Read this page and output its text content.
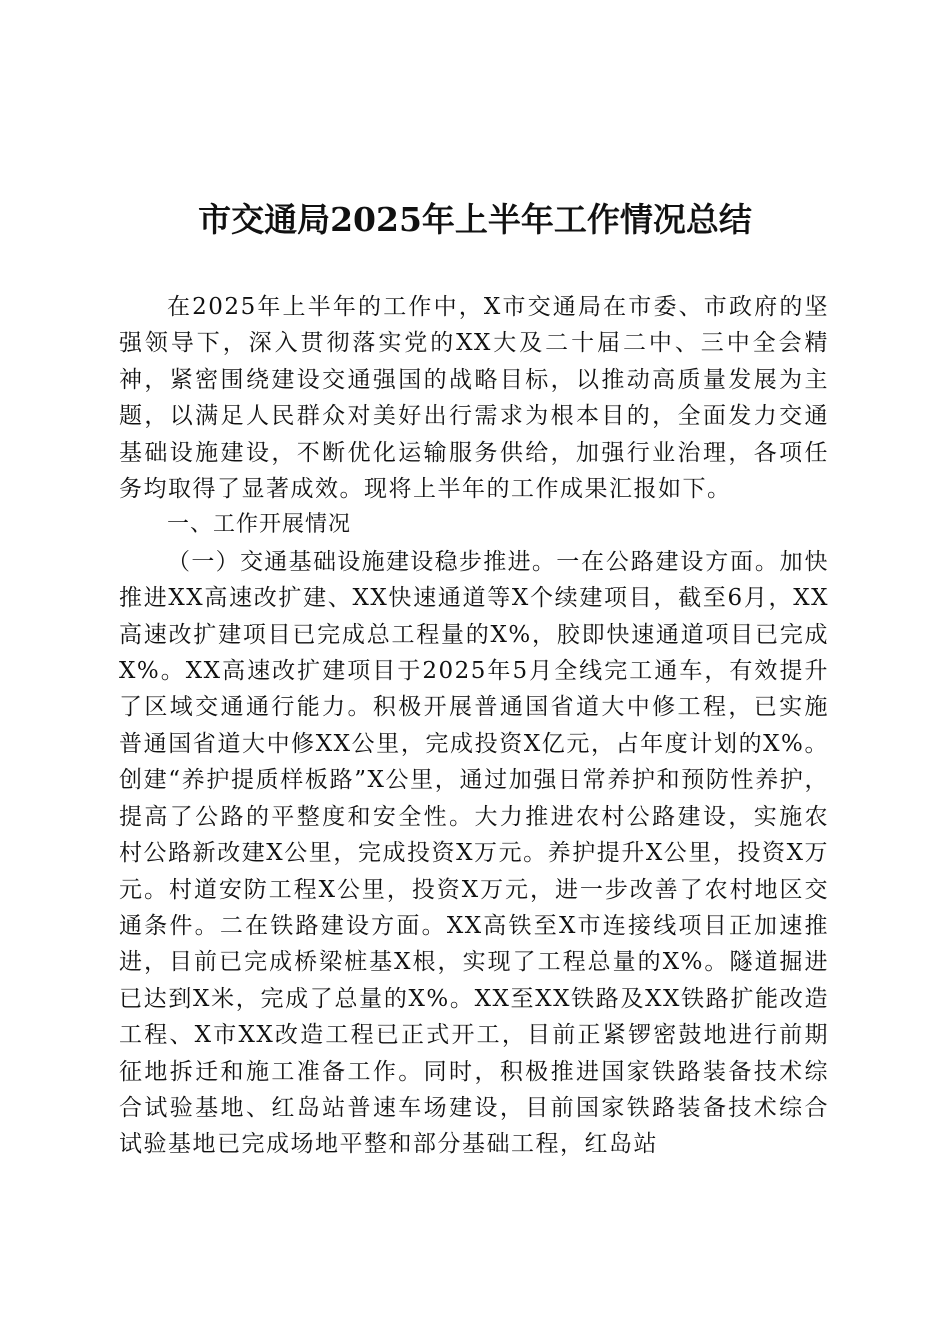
市交通局2025年上半年工作情况总结

在2025年上半年的工作中，X市交通局在市委、市政府的坚强领导下，深入贯彻落实党的XX大及二十届二中、三中全会精神，紧密围绕建设交通强国的战略目标，以推动高质量发展为主题，以满足人民群众对美好出行需求为根本目的，全面发力交通基础设施建设，不断优化运输服务供给，加强行业治理，各项任务均取得了显著成效。现将上半年的工作成果汇报如下。

一、工作开展情况

（一）交通基础设施建设稳步推进。一在公路建设方面。加快推进XX高速改扩建、XX快速通道等X个续建项目，截至6月，XX高速改扩建项目已完成总工程量的X%，胶即快速通道项目已完成X%。XX高速改扩建项目于2025年5月全线完工通车，有效提升了区域交通通行能力。积极开展普通国省道大中修工程，已实施普通国省道大中修XX公里，完成投资X亿元，占年度计划的X%。创建“养护提质样板路”X公里，通过加强日常养护和预防性养护，提高了公路的平整度和安全性。大力推进农村公路建设，实施农村公路新改建X公里，完成投资X万元。养护提升X公里，投资X万元。村道安防工程X公里，投资X万元，进一步改善了农村地区交通条件。二在铁路建设方面。XX高铁至X市连接线项目正加速推进，目前已完成桥梁桩基X根，实现了工程总量的X%。隧道掘进已达到X米，完成了总量的X%。XX至XX铁路及XX铁路扩能改造工程、X市XX改造工程已正式开工，目前正紧锣密鼓地进行前期征地拆迁和施工准备工作。同时，积极推进国家铁路装备技术综合试验基地、红岛站普速车场建设，目前国家铁路装备技术综合试验基地已完成场地平整和部分基础工程，红岛站
